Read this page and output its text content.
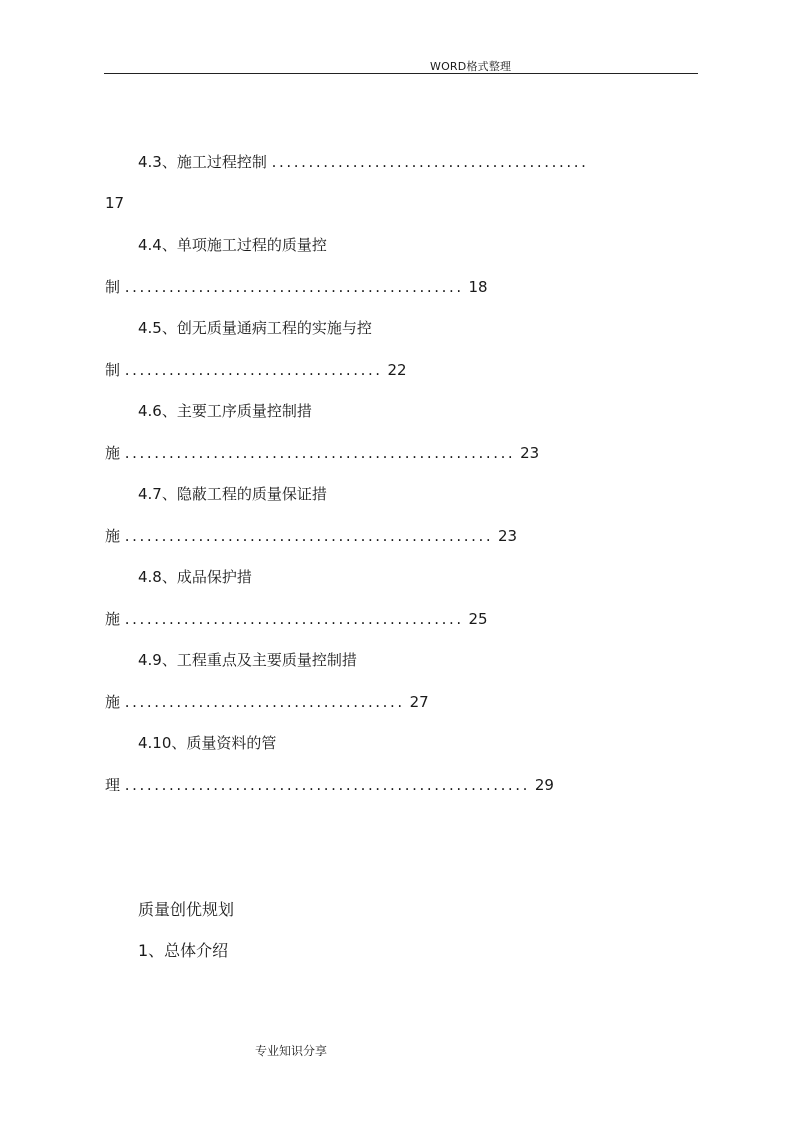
WORD格式整理
4.3、施工过程控制 ...........................................
17
4.4、单项施工过程的质量控
制 .............................................. 18
4.5、创无质量通病工程的实施与控
制 ................................... 22
4.6、主要工序质量控制措
施 ..................................................... 23
4.7、隐蔽工程的质量保证措
施 .................................................. 23
4.8、成品保护措
施 .............................................. 25
4.9、工程重点及主要质量控制措
施 ...................................... 27
4.10、质量资料的管
理 ....................................................... 29
质量创优规划
1、总体介绍
专业知识分享
